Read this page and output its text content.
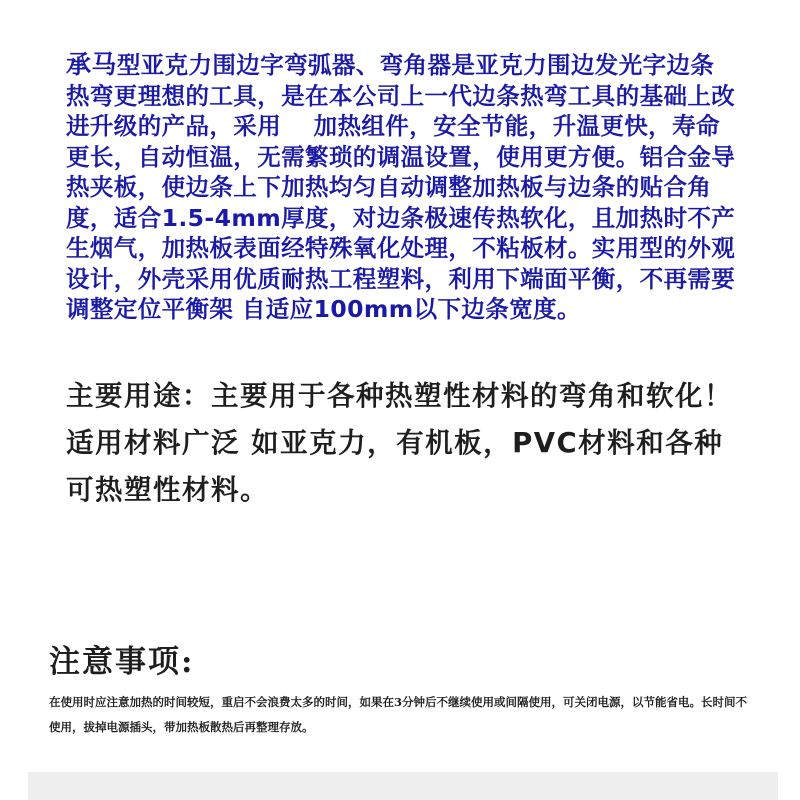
承马型亚克力围边字弯弧器、弯角器是亚克力围边发光字边条热弯更理想的工具，是在本公司上一代边条热弯工具的基础上改进升级的产品，采用　 加热组件，安全节能，升温更快，寿命更长，自动恒温，无需繁琐的调温设置，使用更方便。铝合金导热夹板，使边条上下加热均匀自动调整加热板与边条的贴合角度，适合1.5-4mm厚度，对边条极速传热软化，且加热时不产生烟气，加热板表面经特殊氧化处理，不粘板材。实用型的外观设计，外壳采用优质耐热工程塑料，利用下端面平衡，不再需要调整定位平衡架 自适应100mm以下边条宽度。

主要用途：主要用于各种热塑性材料的弯角和软化！
适用材料广泛 如亚克力，有机板，PVC材料和各种可热塑性材料。
注意事项:

在使用时应注意加热的时间较短，重启不会浪费太多的时间，如果在3分钟后不继续使用或间隔使用，可关闭电源，以节能省电。长时间不使用，拔掉电源插头，带加热板散热后再整理存放。
